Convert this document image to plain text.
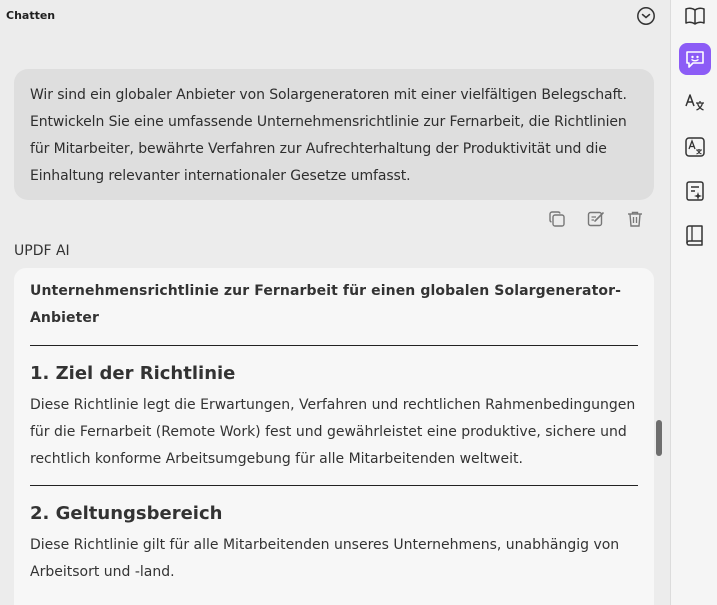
Chatten

Wir sind ein globaler Anbieter von Solargeneratoren mit einer vielfältigen Belegschaft. Entwickeln Sie eine umfassende Unternehmensrichtlinie zur Fernarbeit, die Richtlinien für Mitarbeiter, bewährte Verfahren zur Aufrechterhaltung der Produktivität und die Einhaltung relevanter internationaler Gesetze umfasst.

UPDF AI
Unternehmensrichtlinie zur Fernarbeit für einen globalen Solargenerator-Anbieter
1. Ziel der Richtlinie
Diese Richtlinie legt die Erwartungen, Verfahren und rechtlichen Rahmenbedingungen für die Fernarbeit (Remote Work) fest und gewährleistet eine produktive, sichere und rechtlich konforme Arbeitsumgebung für alle Mitarbeitenden weltweit.
2. Geltungsbereich
Diese Richtlinie gilt für alle Mitarbeitenden unseres Unternehmens, unabhängig von Arbeitsort und -land.
